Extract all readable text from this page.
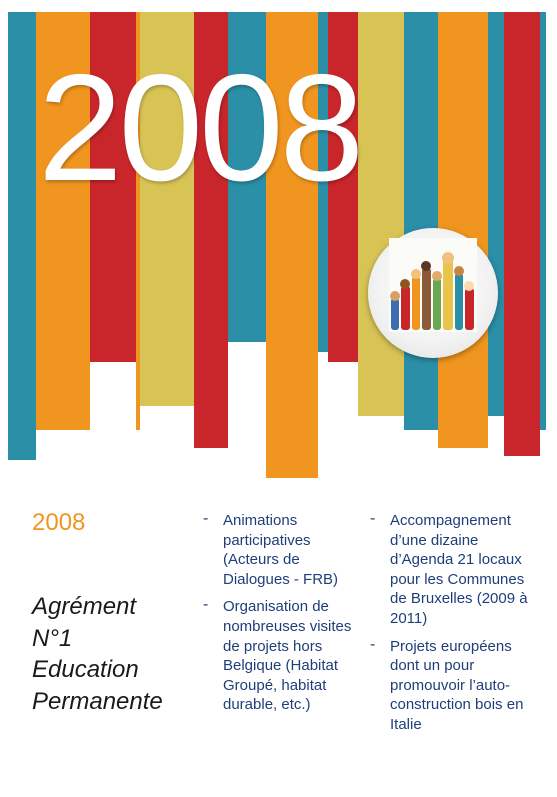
2008
2008

Agrément
N°1
Education
Permanente

- Animations participatives (Acteurs de Dialogues - FRB)
- Organisation de nombreuses visites de projets hors Belgique (Habitat Groupé, habitat durable, etc.)
- Accompagnement d’une dizaine d’Agenda 21 locaux pour les Communes de Bruxelles (2009 à 2011)
- Projets européens dont un pour promouvoir l’auto-construction bois en Italie
